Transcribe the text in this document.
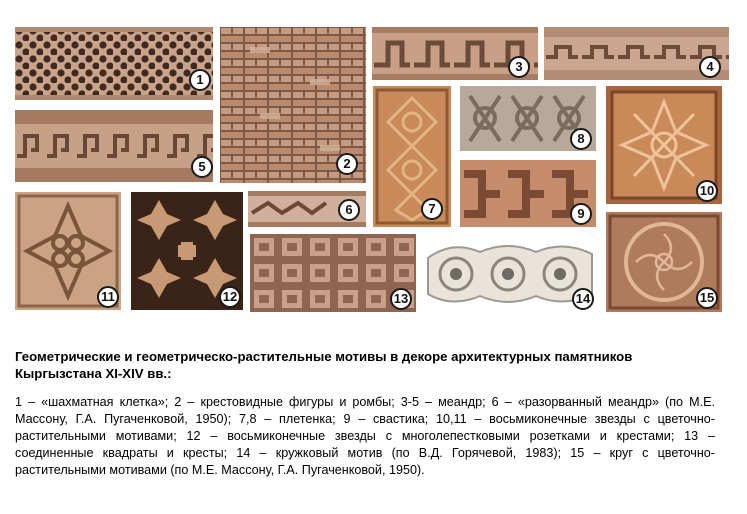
1
2
3	4
5
6	7
8
9
10
11	12	13	14	15

Геометрические и геометрическо-растительные мотивы в декоре архитектурных памятников Кыргызстана XI-XIV вв.:

1 – «шахматная клетка»; 2 – крестовидные фигуры и ромбы; 3-5 – меандр; 6 – «разорванный меандр» (по М.Е. Массону, Г.А. Пугаченковой, 1950); 7,8 – плетенка; 9 – свастика; 10,11 – восьмиконечные звезды с цветочно-растительными мотивами; 12 – восьмиконечные звезды с многолепестковыми розетками и крестами; 13 – соединенные квадраты и кресты; 14 – кружковый мотив (по В.Д. Горячевой, 1983); 15 – круг с цветочно-растительными мотивами (по М.Е. Массону, Г.А. Пугаченковой, 1950).
